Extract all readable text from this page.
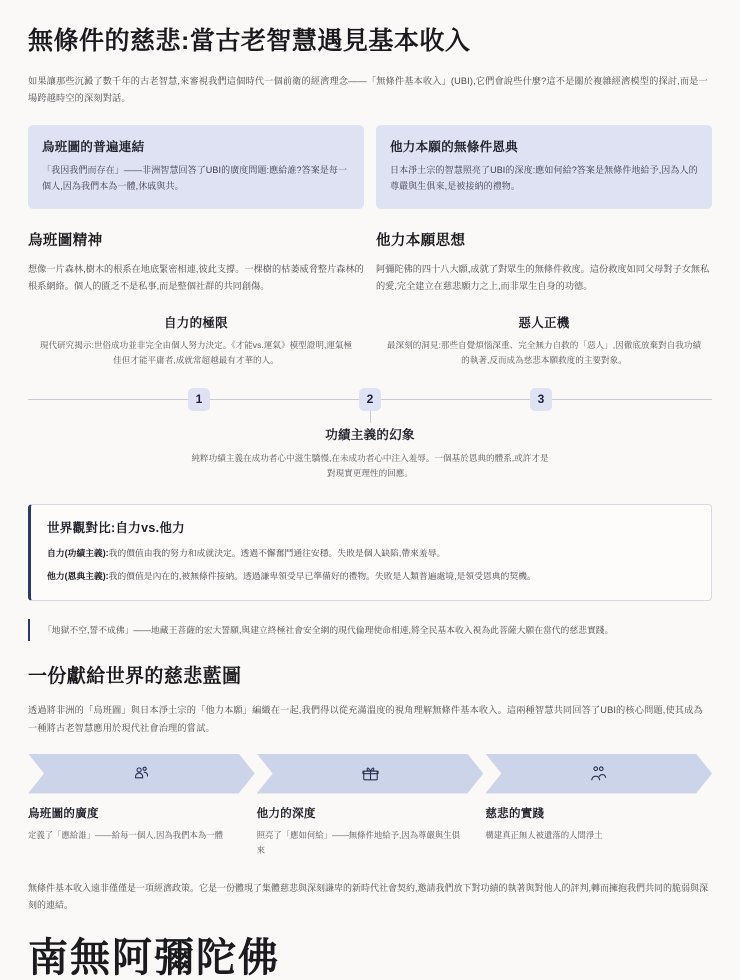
無條件的慈悲:當古老智慧遇見基本收入

如果讓那些沉澱了數千年的古老智慧,來審視我們這個時代一個前衛的經濟理念——「無條件基本收入」(UBI),它們會說些什麼?這不是關於複雜經濟模型的探討,而是一場跨越時空的深刻對話。

烏班圖的普遍連結
「我因我們而存在」——非洲智慧回答了UBI的廣度問題:應給誰?答案是每一個人,因為我們本為一體,休戚與共。
他力本願的無條件恩典
日本淨土宗的智慧照亮了UBI的深度:應如何給?答案是無條件地給予,因為人的尊嚴與生俱來,是被接納的禮物。
烏班圖精神
想像一片森林,樹木的根系在地底緊密相連,彼此支撐。一棵樹的枯萎威脅整片森林的根系網絡。個人的匱乏不是私事,而是整個社群的共同創傷。
他力本願思想
阿彌陀佛的四十八大願,成就了對眾生的無條件救度。這份救度如同父母對子女無私的愛,完全建立在慈悲願力之上,而非眾生自身的功德。
自力的極限
現代研究揭示:世俗成功並非完全由個人努力決定。《才能vs.運氣》模型證明,運氣極佳但才能平庸者,成就常超越最有才華的人。
惡人正機
最深刻的洞見:那些自覺煩惱深重、完全無力自救的「惡人」,因徹底放棄對自我功績的執著,反而成為慈悲本願救度的主要對象。
1	2	3
功績主義的幻象
純粹功績主義在成功者心中滋生驕慢,在未成功者心中注入羞辱。一個基於恩典的體系,或許才是對現實更理性的回應。
世界觀對比:自力vs.他力
自力(功績主義):我的價值由我的努力和成就決定。透過不懈奮鬥通往安穩。失敗是個人缺陷,帶來羞辱。
他力(恩典主義):我的價值是內在的,被無條件接納。透過謙卑領受早已準備好的禮物。失敗是人類普遍處境,是領受恩典的契機。
「地獄不空,誓不成佛」——地藏王菩薩的宏大誓願,與建立終極社會安全網的現代倫理使命相連,將全民基本收入視為此菩薩大願在當代的慈悲實踐。
一份獻給世界的慈悲藍圖

透過將非洲的「烏班圖」與日本淨土宗的「他力本願」編織在一起,我們得以從充滿溫度的視角理解無條件基本收入。這兩種智慧共同回答了UBI的核心問題,使其成為一種將古老智慧應用於現代社會治理的嘗試。

烏班圖的廣度
定義了「應給誰」——給每一個人,因為我們本為一體
他力的深度
照亮了「應如何給」——無條件地給予,因為尊嚴與生俱來
慈悲的實踐
構建真正無人被遺落的人間淨土

無條件基本收入遠非僅僅是一項經濟政策。它是一份體現了集體慈悲與深刻謙卑的新時代社會契約,邀請我們放下對功績的執著與對他人的評判,轉而擁抱我們共同的脆弱與深刻的連結。

南無阿彌陀佛
